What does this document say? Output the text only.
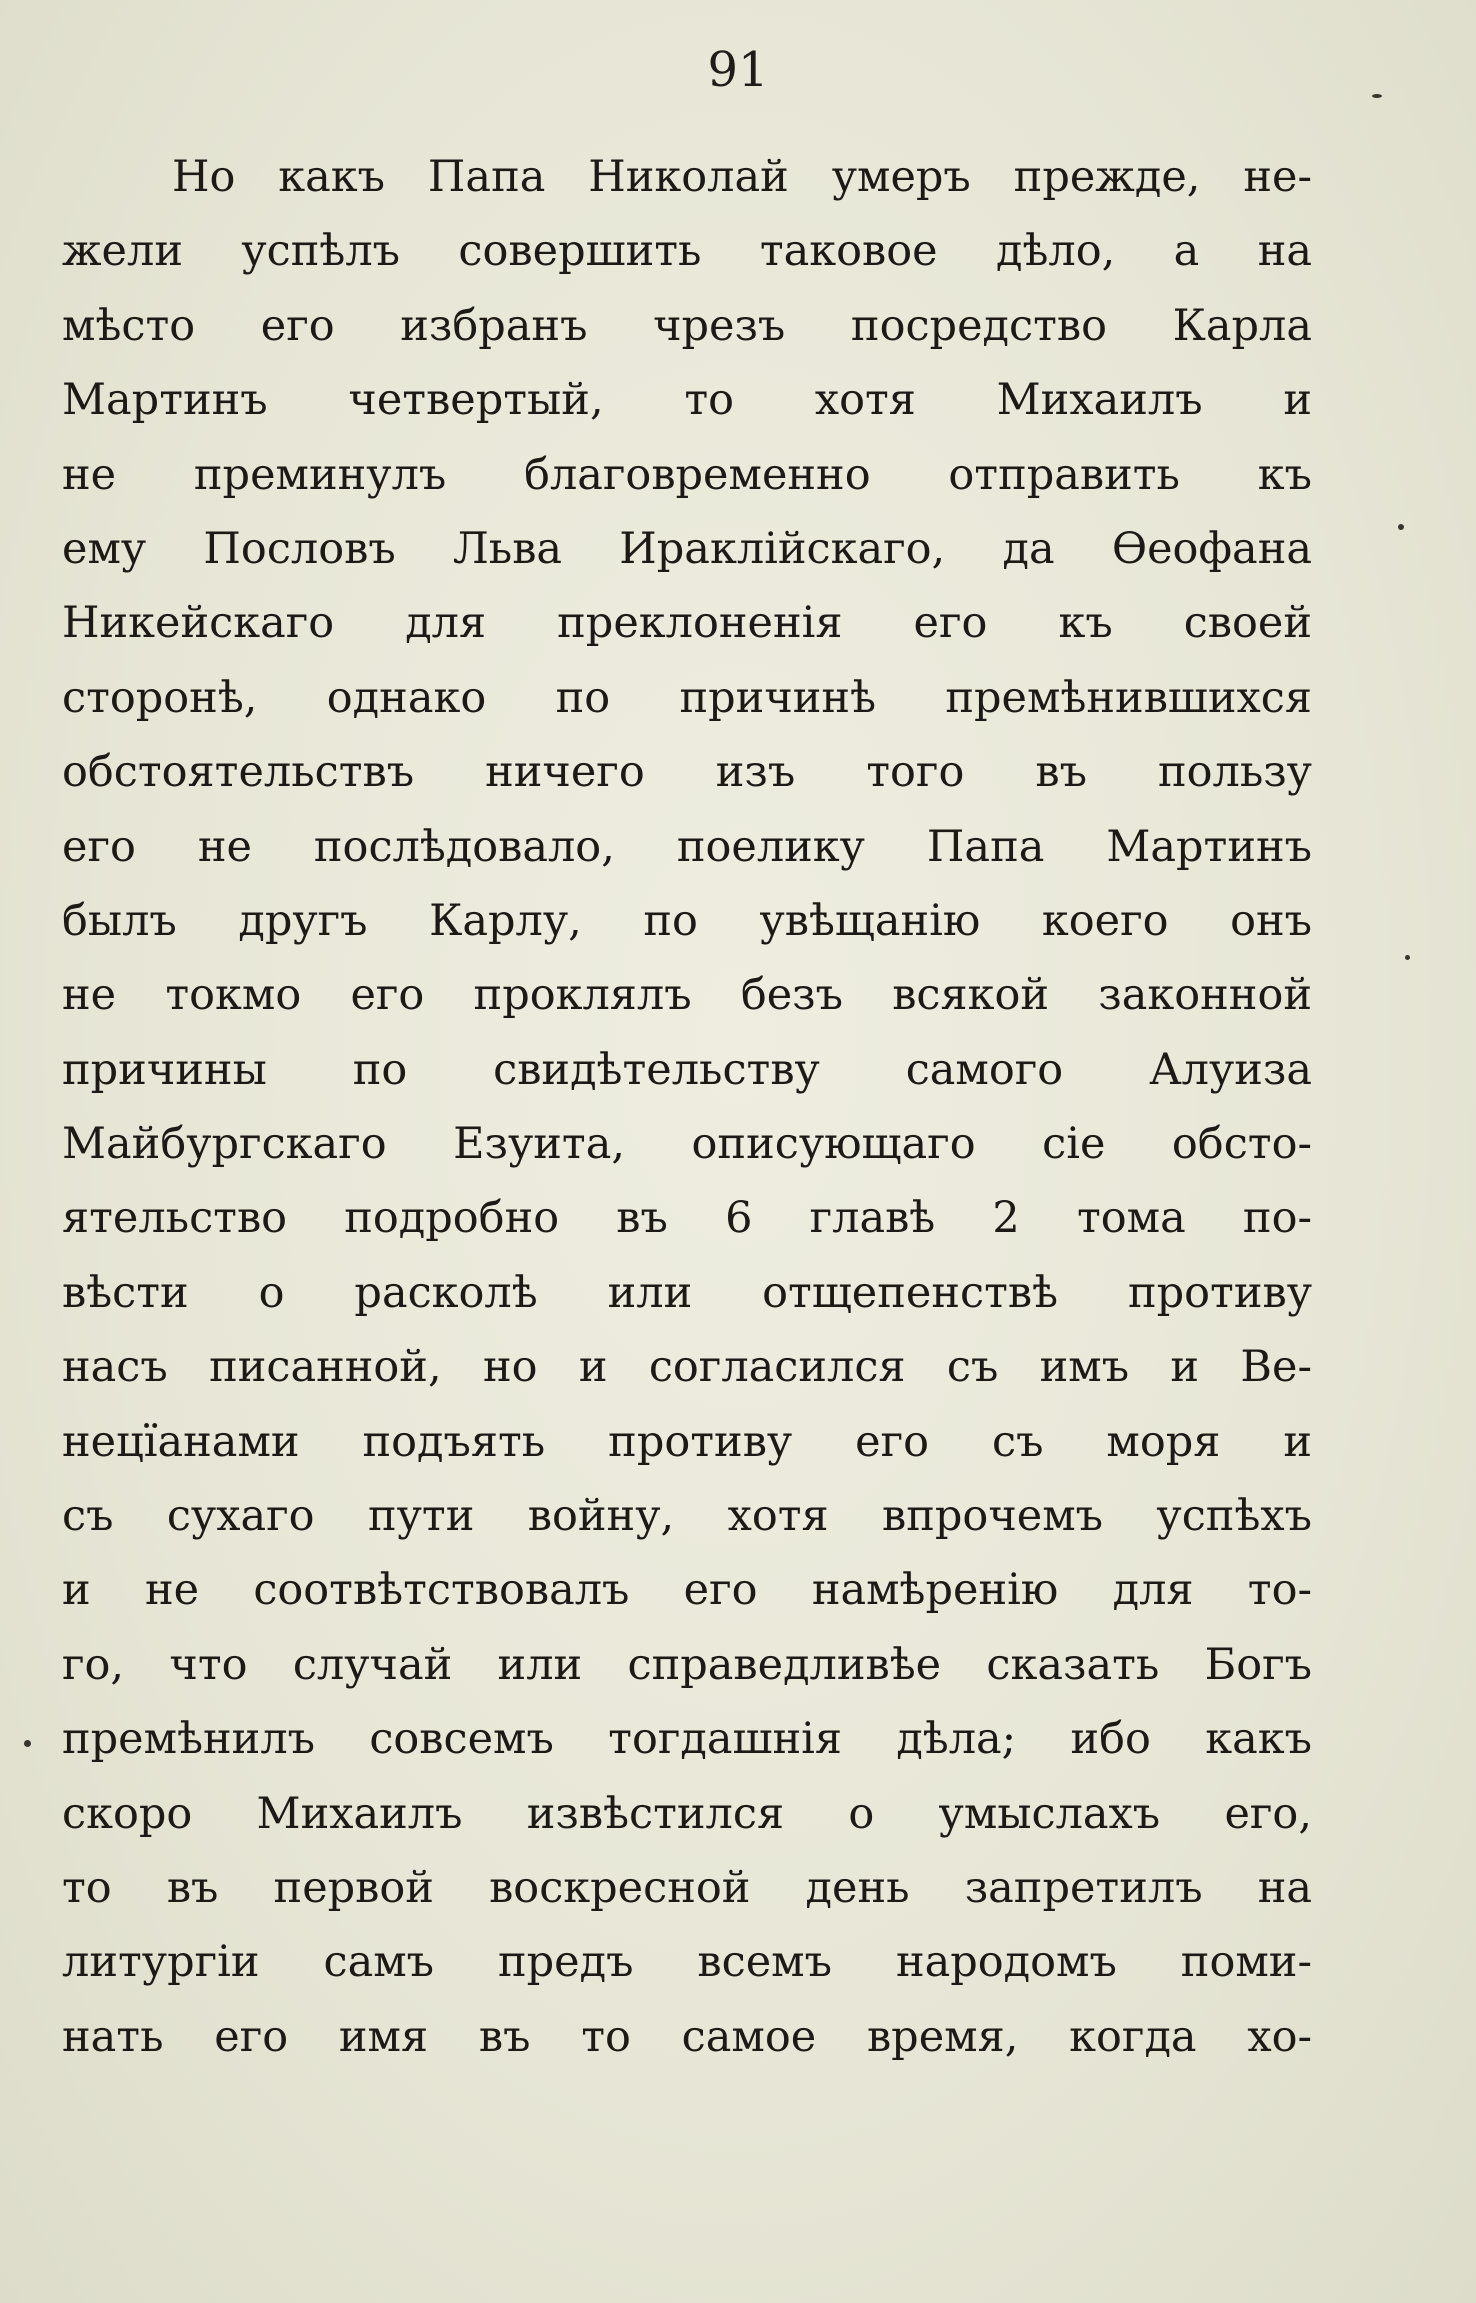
91
Но какъ Папа Николай умеръ прежде, не-
жели успѣлъ совершить таковое дѣло, а на
мѣсто его избранъ чрезъ посредство Карла
Мартинъ четвертый, то хотя Михаилъ и
не преминулъ благовременно отправить къ
ему Пословъ Льва Ираклійскаго, да Ѳеофана
Никейскаго для преклоненія его къ своей
сторонѣ, однако по причинѣ премѣнившихся
обстоятельствъ ничего изъ того въ пользу
его не послѣдовало, поелику Папа Мартинъ
былъ другъ Карлу, по увѣщанію коего онъ
не токмо его проклялъ безъ всякой законной
причины по свидѣтельству самого Алуиза
Майбургскаго Езуита, описующаго сіе обсто-
ятельство подробно въ 6 главѣ 2 тома по-
вѣсти о расколѣ или отщепенствѣ противу
насъ писанной, но и согласился съ имъ и Ве-
нецїанами подъять противу его съ моря и
съ сухаго пути войну, хотя впрочемъ успѣхъ
и не соотвѣтствовалъ его намѣренію для то-
го, что случай или справедливѣе сказать Богъ
премѣнилъ совсемъ тогдашнія дѣла; ибо какъ
скоро Михаилъ извѣстился о умыслахъ его,
то въ первой воскресной день запретилъ на
литургіи самъ предъ всемъ народомъ поми-
нать его имя въ то самое время, когда хо-
